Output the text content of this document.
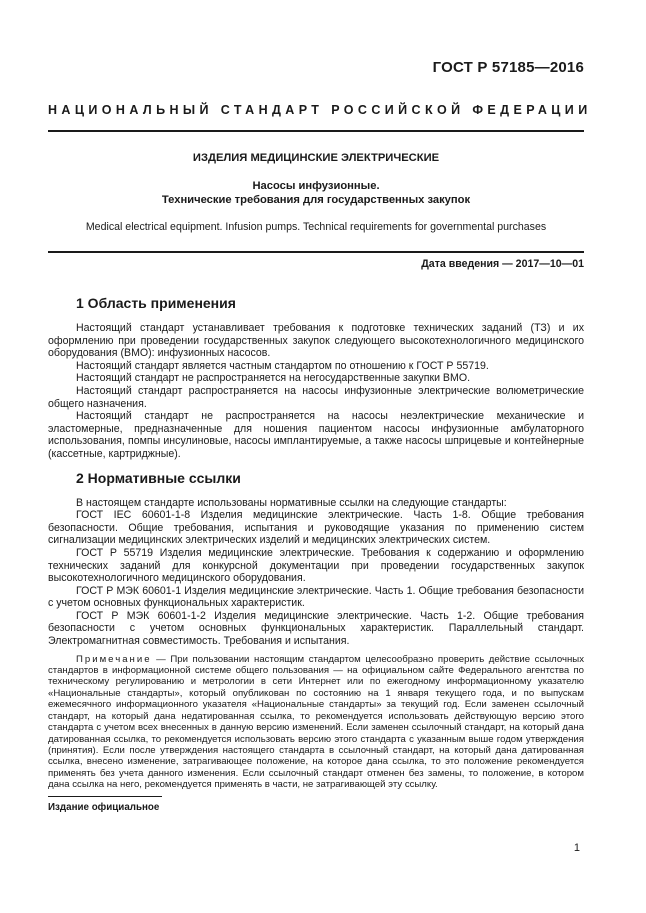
ГОСТ Р 57185—2016
НАЦИОНАЛЬНЫЙ СТАНДАРТ РОССИЙСКОЙ ФЕДЕРАЦИИ
ИЗДЕЛИЯ МЕДИЦИНСКИЕ ЭЛЕКТРИЧЕСКИЕ
Насосы инфузионные.
Технические требования для государственных закупок
Medical electrical equipment. Infusion pumps. Technical requirements for governmental purchases
Дата введения — 2017—10—01
1 Область применения

Настоящий стандарт устанавливает требования к подготовке технических заданий (ТЗ) и их оформлению при проведении государственных закупок следующего высокотехнологичного медицинского оборудования (ВМО): инфузионных насосов.

Настоящий стандарт является частным стандартом по отношению к ГОСТ Р 55719.

Настоящий стандарт не распространяется на негосударственные закупки ВМО.

Настоящий стандарт распространяется на насосы инфузионные электрические волюметрические общего назначения.

Настоящий стандарт не распространяется на насосы неэлектрические механические и эластомерные, предназначенные для ношения пациентом насосы инфузионные амбулаторного использования, помпы инсулиновые, насосы имплантируемые, а также насосы шприцевые и контейнерные (кассетные, картриджные).

2 Нормативные ссылки

В настоящем стандарте использованы нормативные ссылки на следующие стандарты:

ГОСТ IEC 60601-1-8 Изделия медицинские электрические. Часть 1-8. Общие требования безопасности. Общие требования, испытания и руководящие указания по применению систем сигнализации медицинских электрических изделий и медицинских электрических систем.

ГОСТ Р 55719 Изделия медицинские электрические. Требования к содержанию и оформлению технических заданий для конкурсной документации при проведении государственных закупок высокотехнологичного медицинского оборудования.

ГОСТ Р МЭК 60601-1 Изделия медицинские электрические. Часть 1. Общие требования безопасности с учетом основных функциональных характеристик.

ГОСТ Р МЭК 60601-1-2 Изделия медицинские электрические. Часть 1-2. Общие требования безопасности с учетом основных функциональных характеристик. Параллельный стандарт. Электромагнитная совместимость. Требования и испытания.

Примечание — При пользовании настоящим стандартом целесообразно проверить действие ссылочных стандартов в информационной системе общего пользования — на официальном сайте Федерального агентства по техническому регулированию и метрологии в сети Интернет или по ежегодному информационному указателю «Национальные стандарты», который опубликован по состоянию на 1 января текущего года, и по выпускам ежемесячного информационного указателя «Национальные стандарты» за текущий год. Если заменен ссылочный стандарт, на который дана недатированная ссылка, то рекомендуется использовать действующую версию этого стандарта с учетом всех внесенных в данную версию изменений. Если заменен ссылочный стандарт, на который дана датированная ссылка, то рекомендуется использовать версию этого стандарта с указанным выше годом утверждения (принятия). Если после утверждения настоящего стандарта в ссылочный стандарт, на который дана датированная ссылка, внесено изменение, затрагивающее положение, на которое дана ссылка, то это положение рекомендуется применять без учета данного изменения. Если ссылочный стандарт отменен без замены, то положение, в котором дана ссылка на него, рекомендуется применять в части, не затрагивающей эту ссылку.

Издание официальное
1
